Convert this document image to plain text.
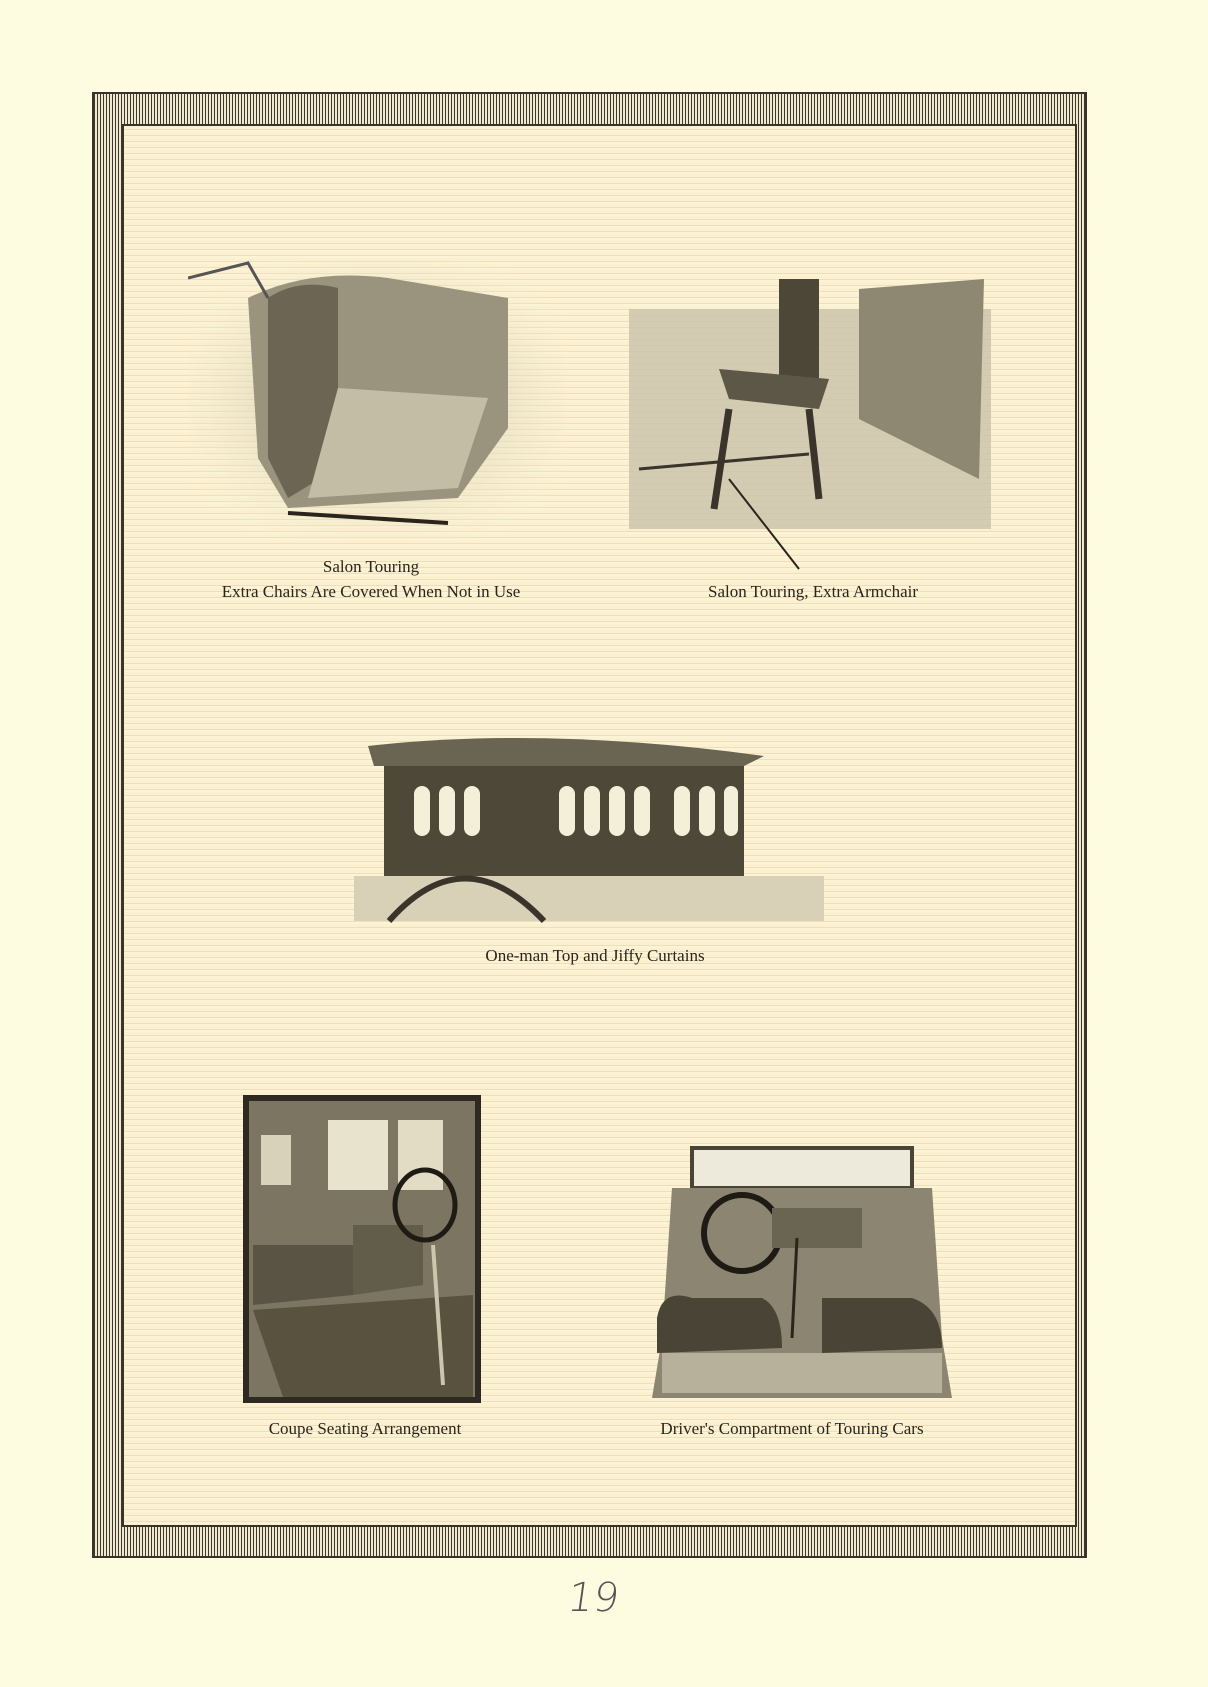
Salon Touring
Extra Chairs Are Covered When Not in Use	Salon Touring, Extra Armchair
One-man Top and Jiffy Curtains
Coupe Seating Arrangement	Driver's Compartment of Touring Cars
19
